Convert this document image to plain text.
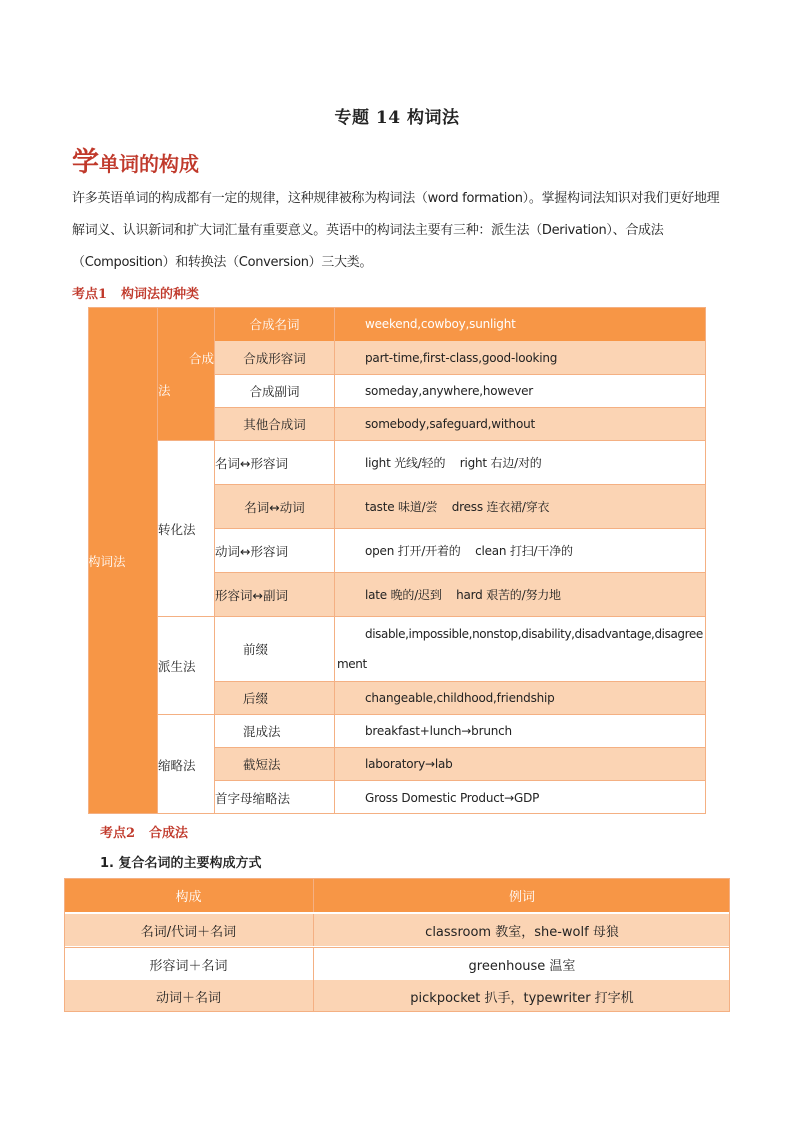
专题 14 构词法
学单词的构成
许多英语单词的构成都有一定的规律，这种规律被称为构词法（word formation）。掌握构词法知识对我们更好地理解词义、认识新词和扩大词汇量有重要意义。英语中的构词法主要有三种：派生法（Derivation）、合成法（Composition）和转换法（Conversion）三大类。
考点1 构词法的种类
构词法
合成
法
合成名词	weekend,cowboy,sunlight
合成形容词	part-time,first-class,good-looking
合成副词	someday,anywhere,however
其他合成词	somebody,safeguard,without
转化法
名词↔形容词	light 光线/轻的    right 右边/对的
名词↔动词	taste 味道/尝    dress 连衣裙/穿衣
动词↔形容词	open 打开/开着的    clean 打扫/干净的
形容词↔副词	late 晚的/迟到    hard 艰苦的/努力地
派生法
前缀
disable,impossible,nonstop,disability,disadvantage,disagree
ment
后缀	changeable,childhood,friendship
缩略法
混成法	breakfast+lunch→brunch
截短法	laboratory→lab
首字母缩略法	Gross Domestic Product→GDP
考点2 合成法
1. 复合名词的主要构成方式
构成	例词
名词/代词＋名词	classroom 教室，she-wolf 母狼
形容词＋名词	greenhouse 温室
动词＋名词	pickpocket 扒手，typewriter 打字机
